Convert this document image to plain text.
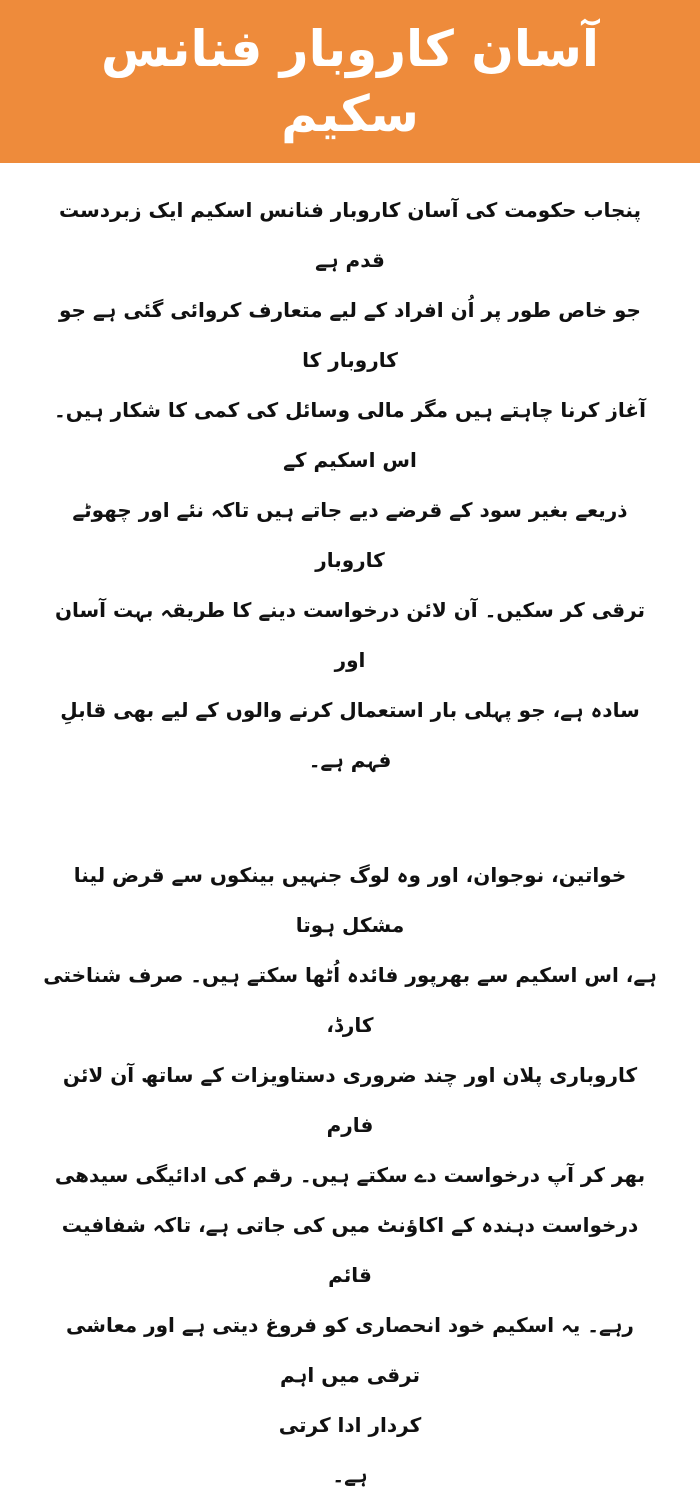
آسان کاروبار فنانس سکیم
پنجاب حکومت کی آسان کاروبار فنانس اسکیم ایک زبردست قدم ہے
جو خاص طور پر اُن افراد کے لیے متعارف کروائی گئی ہے جو کاروبار کا
آغاز کرنا چاہتے ہیں مگر مالی وسائل کی کمی کا شکار ہیں۔ اس اسکیم کے
ذریعے بغیر سود کے قرضے دیے جاتے ہیں تاکہ نئے اور چھوٹے کاروبار
ترقی کر سکیں۔ آن لائن درخواست دینے کا طریقہ بہت آسان اور
سادہ ہے، جو پہلی بار استعمال کرنے والوں کے لیے بھی قابلِ فہم ہے۔
خواتین، نوجوان، اور وہ لوگ جنہیں بینکوں سے قرض لینا مشکل ہوتا
ہے، اس اسکیم سے بھرپور فائدہ اُٹھا سکتے ہیں۔ صرف شناختی کارڈ،
کاروباری پلان اور چند ضروری دستاویزات کے ساتھ آن لائن فارم
بھر کر آپ درخواست دے سکتے ہیں۔ رقم کی ادائیگی سیدھی
درخواست دہندہ کے اکاؤنٹ میں کی جاتی ہے، تاکہ شفافیت قائم
رہے۔ یہ اسکیم خود انحصاری کو فروغ دیتی ہے اور معاشی ترقی میں اہم
کردار ادا کرتی
ہے۔
